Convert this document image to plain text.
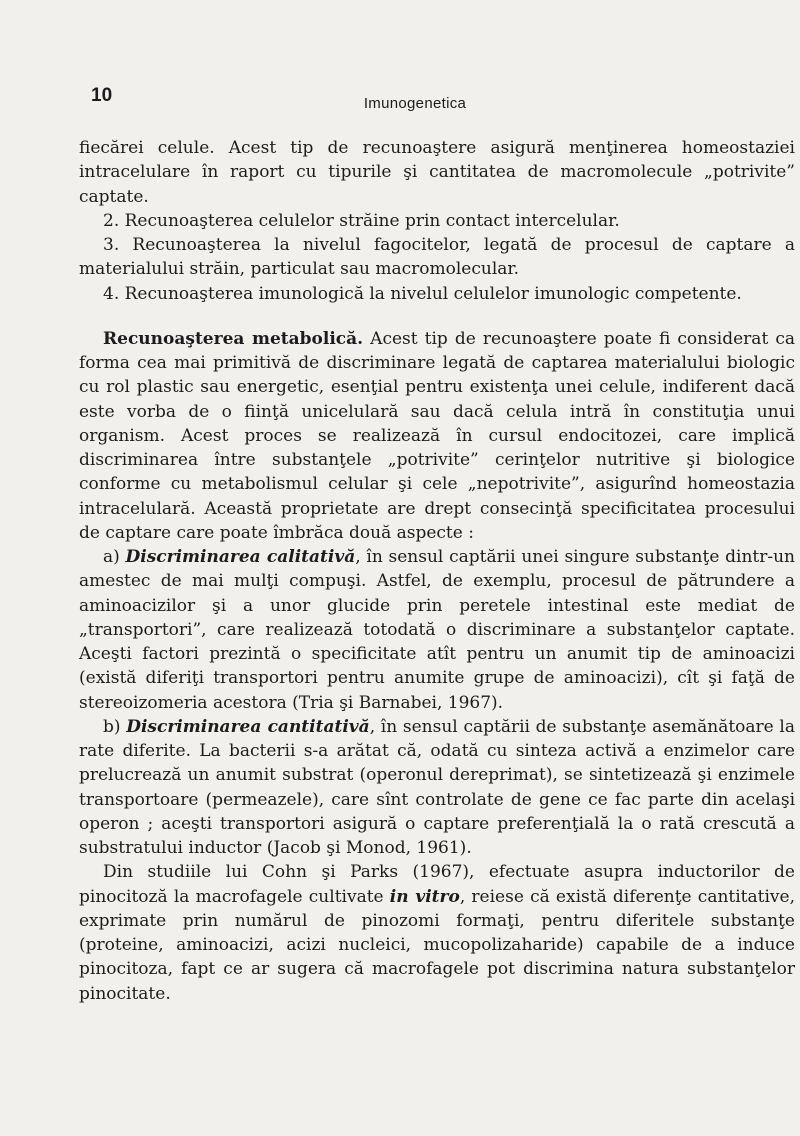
10	Imunogenetica

fiecărei celule. Acest tip de recunoaştere asigură menţinerea homeostaziei intracelulare în raport cu tipurile şi cantitatea de macromolecule „potrivite” captate.

2. Recunoaşterea celulelor străine prin contact intercelular.

3. Recunoaşterea la nivelul fagocitelor, legată de procesul de captare a materialului străin, particulat sau macromolecular.

4. Recunoaşterea imunologică la nivelul celulelor imunologic competente.

Recunoaşterea metabolică. Acest tip de recunoaştere poate fi considerat ca forma cea mai primitivă de discriminare legată de captarea materialului biologic cu rol plastic sau energetic, esenţial pentru existenţa unei celule, indiferent dacă este vorba de o fiinţă unicelulară sau dacă celula intră în constituţia unui organism. Acest proces se realizează în cursul endocitozei, care implică discriminarea între substanţele „potrivite” cerinţelor nutritive şi biologice conforme cu metabolismul celular şi cele „nepotrivite”, asigurînd homeostazia intracelulară. Această proprietate are drept consecinţă specificitatea procesului de captare care poate îmbrăca două aspecte :

a) Discriminarea calitativă, în sensul captării unei singure substanţe dintr-un amestec de mai mulţi compuşi. Astfel, de exemplu, procesul de pătrundere a aminoacizilor şi a unor glucide prin peretele intestinal este mediat de „transportori”, care realizează totodată o discriminare a substanţelor captate. Aceşti factori prezintă o specificitate atît pentru un anumit tip de aminoacizi (există diferiţi transportori pentru anumite grupe de aminoacizi), cît şi faţă de stereoizomeria acestora (Tria şi Barnabei, 1967).

b) Discriminarea cantitativă, în sensul captării de substanţe asemănătoare la rate diferite. La bacterii s-a arătat că, odată cu sinteza activă a enzimelor care prelucrează un anumit substrat (operonul dereprimat), se sintetizează şi enzimele transportoare (permeazele), care sînt controlate de gene ce fac parte din acelaşi operon ; aceşti transportori asigură o captare preferenţială la o rată crescută a substratului inductor (Jacob şi Monod, 1961).

Din studiile lui Cohn şi Parks (1967), efectuate asupra inductorilor de pinocitoză la macrofagele cultivate in vitro, reiese că există diferenţe cantitative, exprimate prin numărul de pinozomi formaţi, pentru diferitele substanţe (proteine, aminoacizi, acizi nucleici, mucopolizaharide) capabile de a induce pinocitoza, fapt ce ar sugera că macrofagele pot discrimina natura substanţelor pinocitate.
